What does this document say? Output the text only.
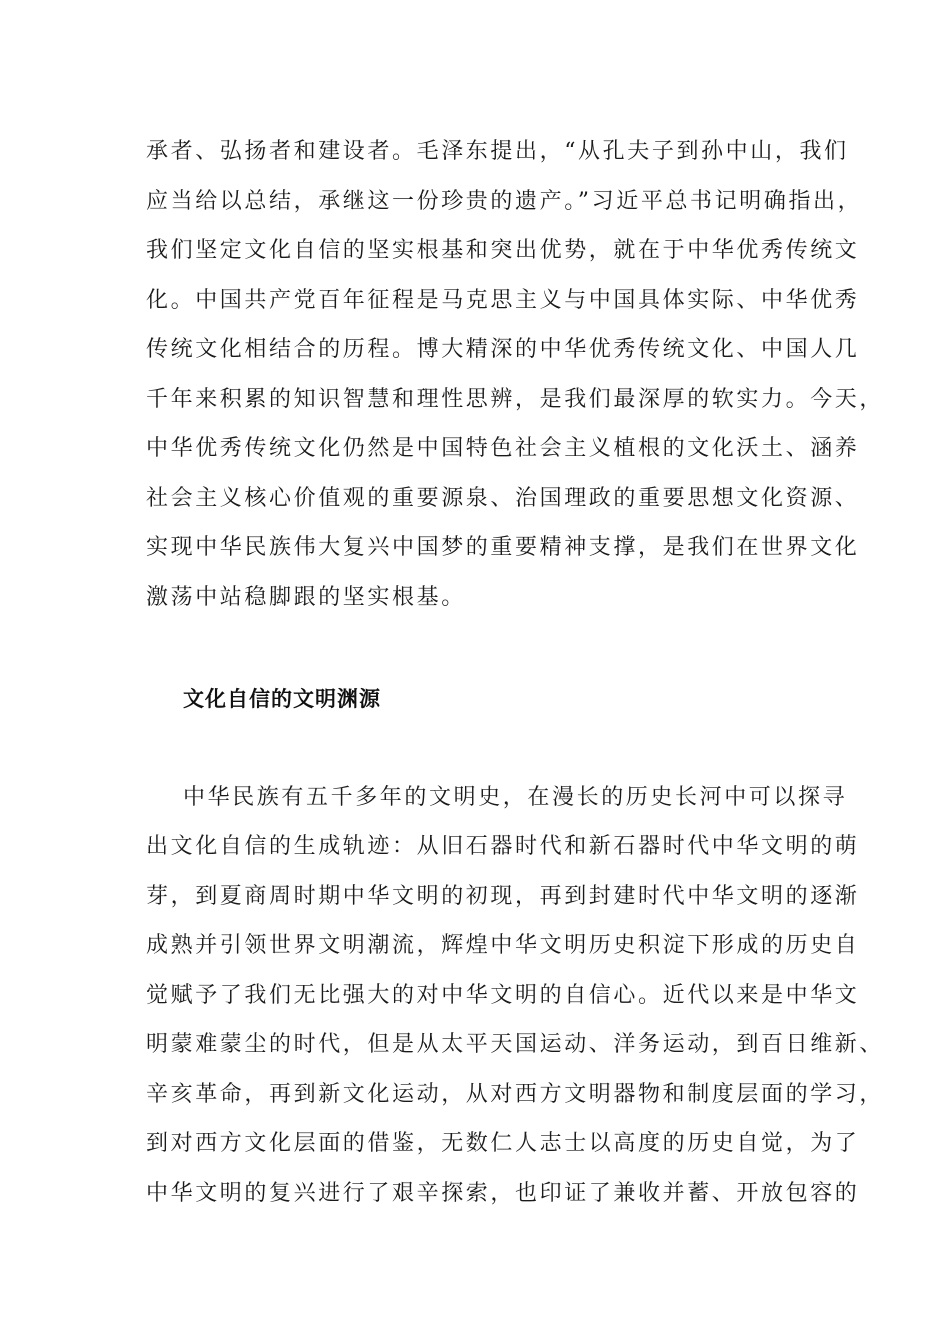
承者、弘扬者和建设者。毛泽东提出，“从孔夫子到孙中山，我们
应当给以总结，承继这一份珍贵的遗产。”习近平总书记明确指出，
我们坚定文化自信的坚实根基和突出优势，就在于中华优秀传统文
化。中国共产党百年征程是马克思主义与中国具体实际、中华优秀
传统文化相结合的历程。博大精深的中华优秀传统文化、中国人几
千年来积累的知识智慧和理性思辨，是我们最深厚的软实力。今天，
中华优秀传统文化仍然是中国特色社会主义植根的文化沃土、涵养
社会主义核心价值观的重要源泉、治国理政的重要思想文化资源、
实现中华民族伟大复兴中国梦的重要精神支撑，是我们在世界文化
激荡中站稳脚跟的坚实根基。
文化自信的文明渊源
中华民族有五千多年的文明史，在漫长的历史长河中可以探寻
出文化自信的生成轨迹：从旧石器时代和新石器时代中华文明的萌
芽，到夏商周时期中华文明的初现，再到封建时代中华文明的逐渐
成熟并引领世界文明潮流，辉煌中华文明历史积淀下形成的历史自
觉赋予了我们无比强大的对中华文明的自信心。近代以来是中华文
明蒙难蒙尘的时代，但是从太平天国运动、洋务运动，到百日维新、
辛亥革命，再到新文化运动，从对西方文明器物和制度层面的学习，
到对西方文化层面的借鉴，无数仁人志士以高度的历史自觉，为了
中华文明的复兴进行了艰辛探索，也印证了兼收并蓄、开放包容的
